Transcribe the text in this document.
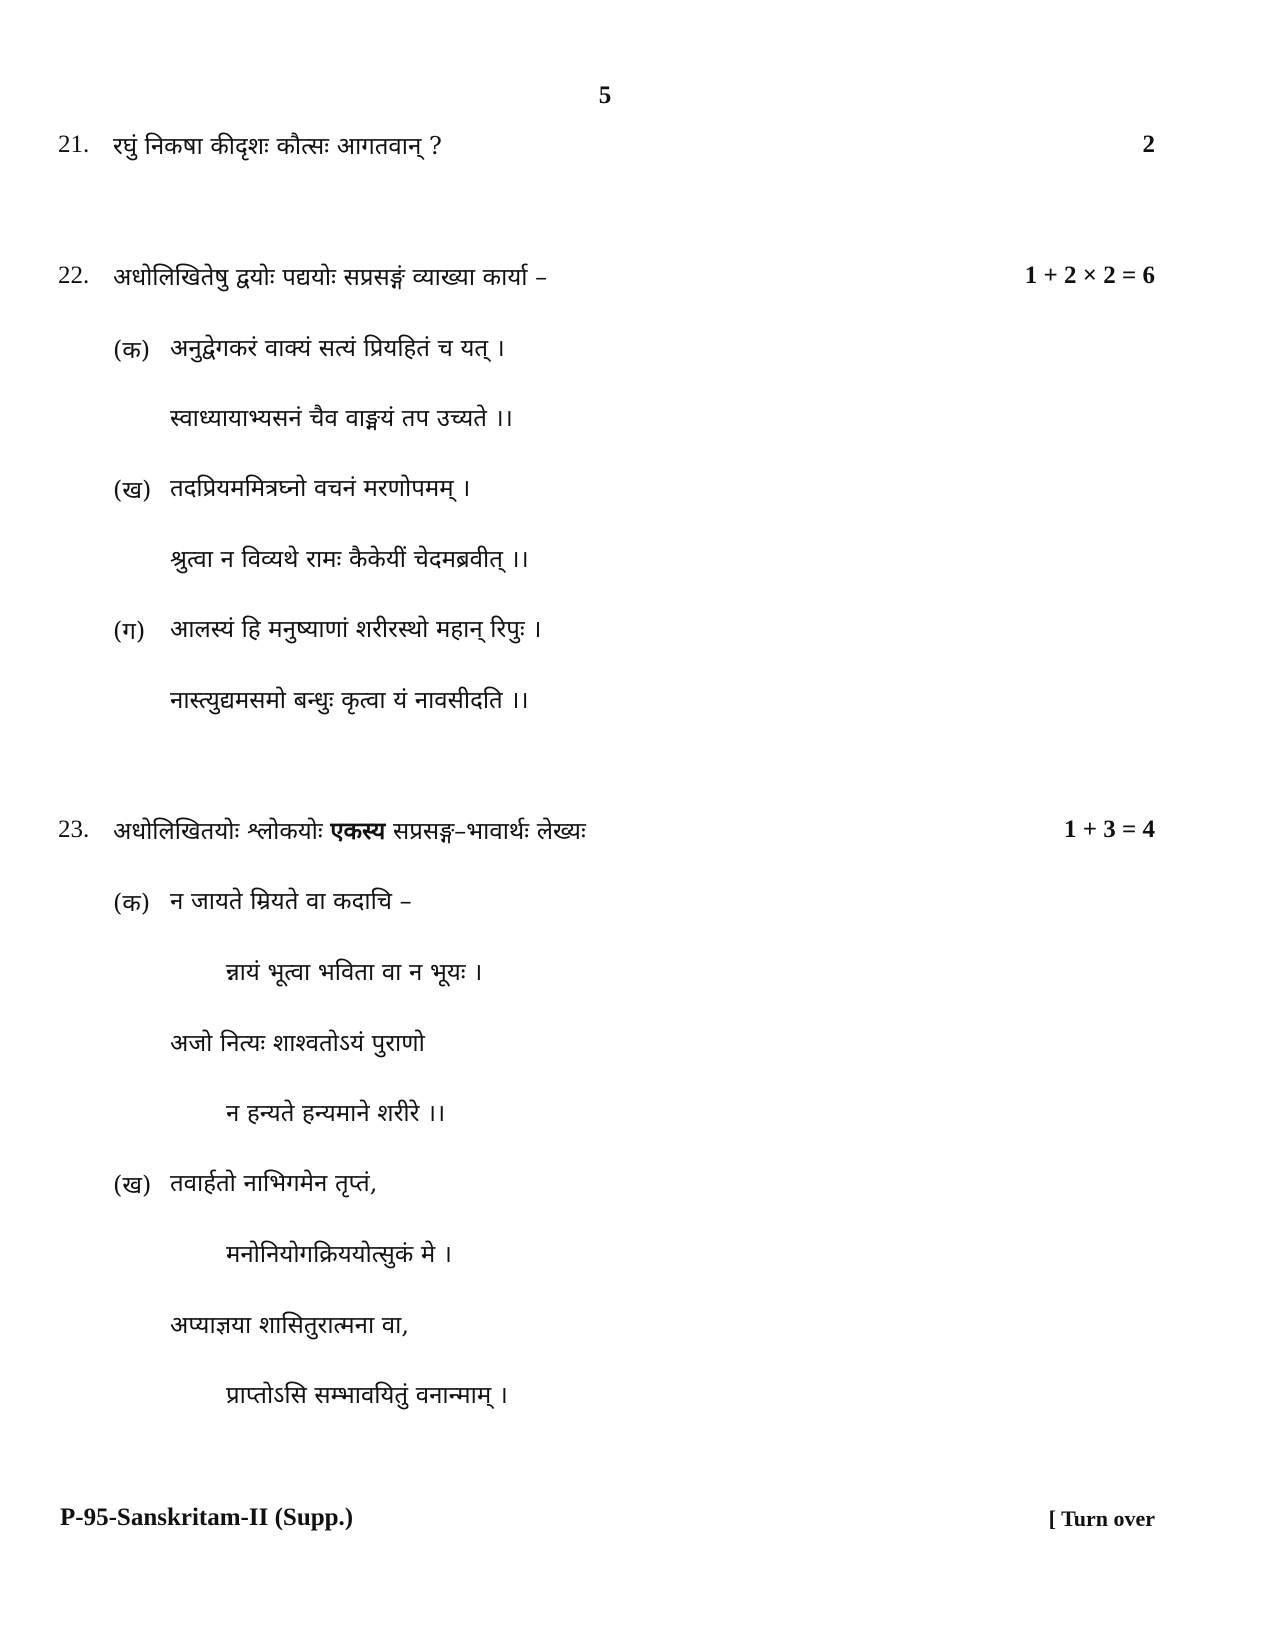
5
21. रघुं निकषा कीदृशः कौत्सः आगतवान् ?	2
22. अधोलिखितेषु द्वयोः पद्ययोः सप्रसङ्गं व्याख्या कार्या –	1 + 2 × 2 = 6
(क) अनुद्वेगकरं वाक्यं सत्यं प्रियहितं च यत् ।
स्वाध्यायाभ्यसनं चैव वाङ्मयं तप उच्यते ।।
(ख) तदप्रियममित्रघ्नो वचनं मरणोपमम् ।
श्रुत्वा न विव्यथे रामः कैकेयीं चेदमब्रवीत् ।।
(ग) आलस्यं हि मनुष्याणां शरीरस्थो महान् रिपुः ।
नास्त्युद्यमसमो बन्धुः कृत्वा यं नावसीदति ।।
23. अधोलिखितयोः श्लोकयोः एकस्य सप्रसङ्ग–भावार्थः लेख्यः	1 + 3 = 4
(क) न जायते म्रियते वा कदाचि –
न्नायं भूत्वा भविता वा न भूयः ।
अजो नित्यः शाश्वतोऽयं पुराणो
न हन्यते हन्यमाने शरीरे ।।
(ख) तवार्हतो नाभिगमेन तृप्तं,
मनोनियोगक्रिययोत्सुकं मे ।
अप्याज्ञया शासितुरात्मना वा,
प्राप्तोऽसि सम्भावयितुं वनान्माम् ।
P-95-Sanskritam-II (Supp.)	[ Turn over
